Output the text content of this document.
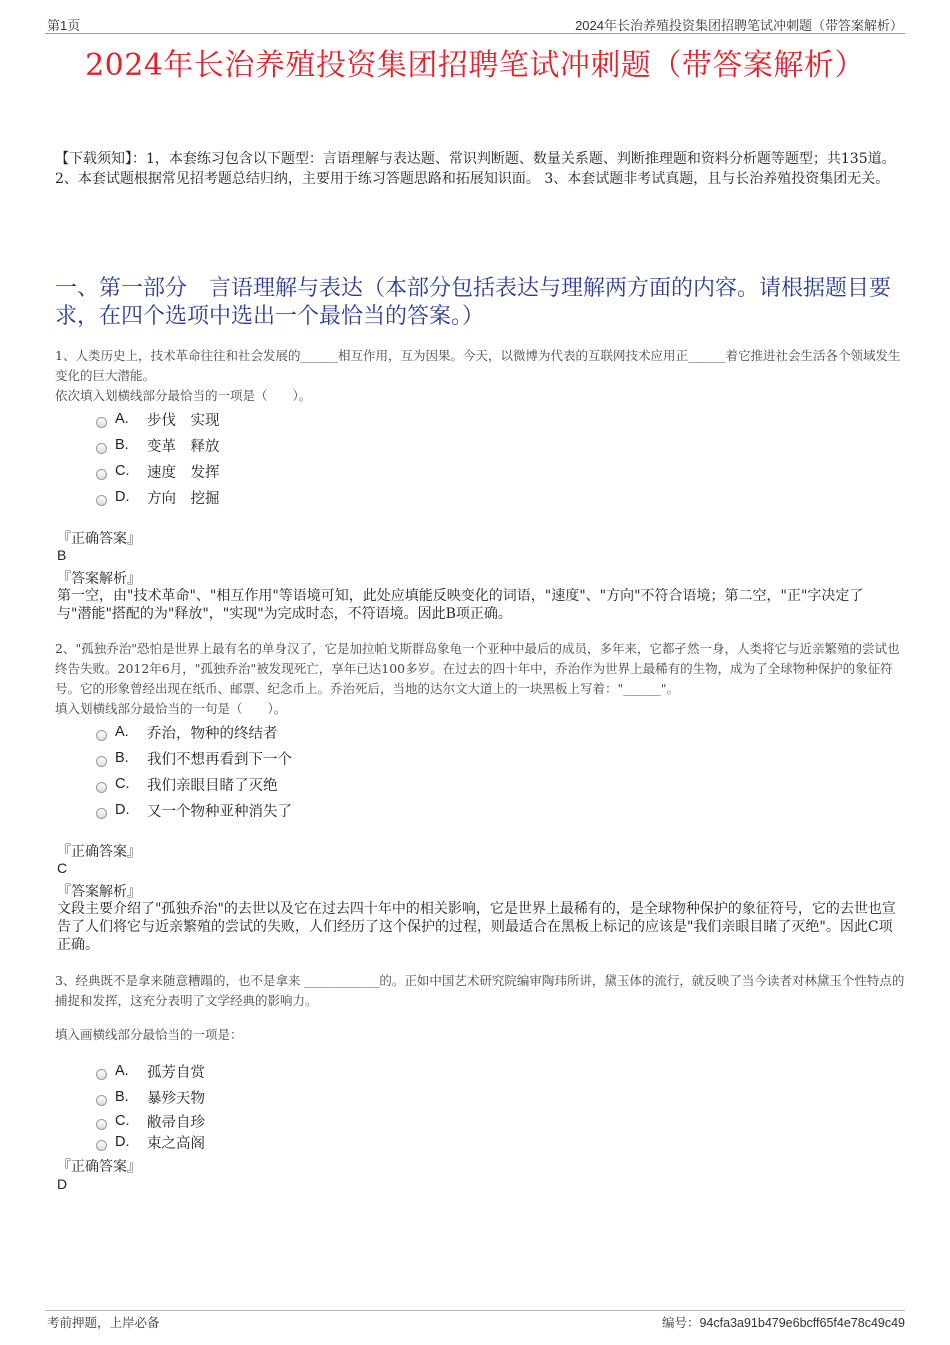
第1页	2024年长治养殖投资集团招聘笔试冲刺题（带答案解析）
2024年长治养殖投资集团招聘笔试冲刺题（带答案解析）
【下载须知】：1，本套练习包含以下题型：言语理解与表达题、常识判断题、数量关系题、判断推理题和资料分析题等题型；共135道。 2、本套试题根据常见招考题总结归纳，主要用于练习答题思路和拓展知识面。 3、本套试题非考试真题，且与长治养殖投资集团无关。
一、第一部分　言语理解与表达（本部分包括表达与理解两方面的内容。请根据题目要求，在四个选项中选出一个最恰当的答案。）
1、人类历史上，技术革命往往和社会发展的______相互作用，互为因果。今天，以微博为代表的互联网技术应用正______着它推进社会生活各个领域发生变化的巨大潜能。
依次填入划横线部分最恰当的一项是（　　）。
A.	步伐　实现
B.	变革　释放
C.	速度　发挥
D.	方向　挖掘
『正确答案』
B
『答案解析』
第一空，由"技术革命"、"相互作用"等语境可知，此处应填能反映变化的词语，"速度"、"方向"不符合语境；第二空，"正"字决定了与"潜能"搭配的为"释放"，"实现"为完成时态，不符语境。因此B项正确。
2、"孤独乔治"恐怕是世界上最有名的单身汉了，它是加拉帕戈斯群岛象龟一个亚种中最后的成员，多年来，它都孑然一身，人类将它与近亲繁殖的尝试也终告失败。2012年6月，"孤独乔治"被发现死亡，享年已达100多岁。在过去的四十年中，乔治作为世界上最稀有的生物，成为了全球物种保护的象征符号。它的形象曾经出现在纸币、邮票、纪念币上。乔治死后，当地的达尔文大道上的一块黑板上写着："______"。
填入划横线部分最恰当的一句是（　　）。
A.	乔治，物种的终结者
B.	我们不想再看到下一个
C.	我们亲眼目睹了灭绝
D.	又一个物种亚种消失了
『正确答案』
C
『答案解析』
文段主要介绍了"孤独乔治"的去世以及它在过去四十年中的相关影响，它是世界上最稀有的，是全球物种保护的象征符号，它的去世也宣告了人们将它与近亲繁殖的尝试的失败，人们经历了这个保护的过程，则最适合在黑板上标记的应该是"我们亲眼目睹了灭绝"。因此C项正确。
3、经典既不是拿来随意糟蹋的，也不是拿来 ____________的。正如中国艺术研究院编审陶玮所讲，黛玉体的流行，就反映了当今读者对林黛玉个性特点的捕捉和发挥，这充分表明了文学经典的影响力。
填入画横线部分最恰当的一项是：
A.	孤芳自赏
B.	暴殄天物
C.	敝帚自珍
D.	束之高阁
『正确答案』
D
考前押题，上岸必备	编号：94cfa3a91b479e6bcff65f4e78c49c49
